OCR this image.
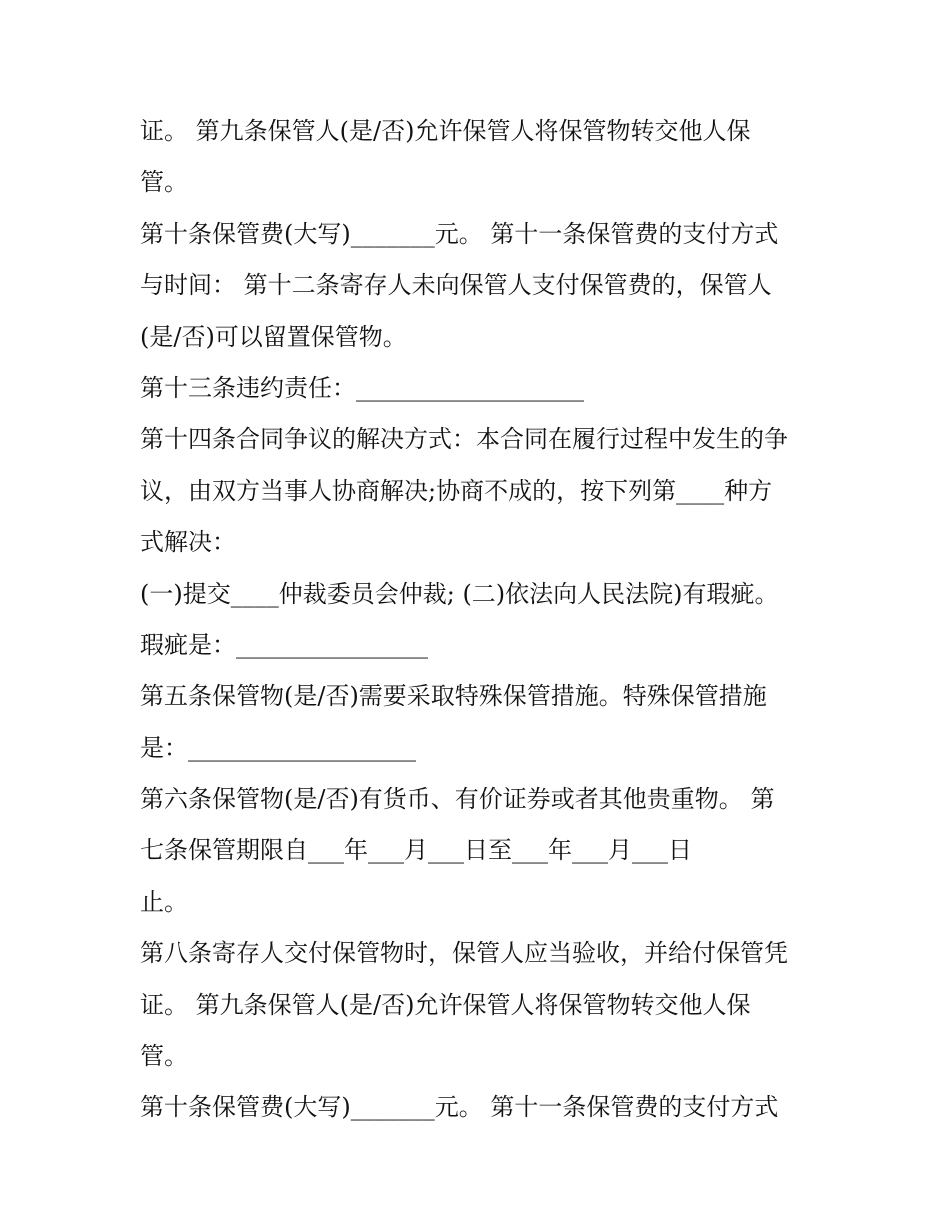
证。 第九条保管人(是/否)允许保管人将保管物转交他人保

管。

第十条保管费(大写)_______元。 第十一条保管费的支付方式

与时间： 第十二条寄存人未向保管人支付保管费的，保管人

(是/否)可以留置保管物。

第十三条违约责任：___________________

第十四条合同争议的解决方式：本合同在履行过程中发生的争

议，由双方当事人协商解决;协商不成的，按下列第____种方

式解决：

(一)提交____仲裁委员会仲裁; (二)依法向人民法院)有瑕疵。

瑕疵是：________________

第五条保管物(是/否)需要采取特殊保管措施。特殊保管措施

是：___________________

第六条保管物(是/否)有货币、有价证券或者其他贵重物。 第

七条保管期限自___年___月___日至___年___月___日

止。

第八条寄存人交付保管物时，保管人应当验收，并给付保管凭

证。 第九条保管人(是/否)允许保管人将保管物转交他人保

管。

第十条保管费(大写)_______元。 第十一条保管费的支付方式
